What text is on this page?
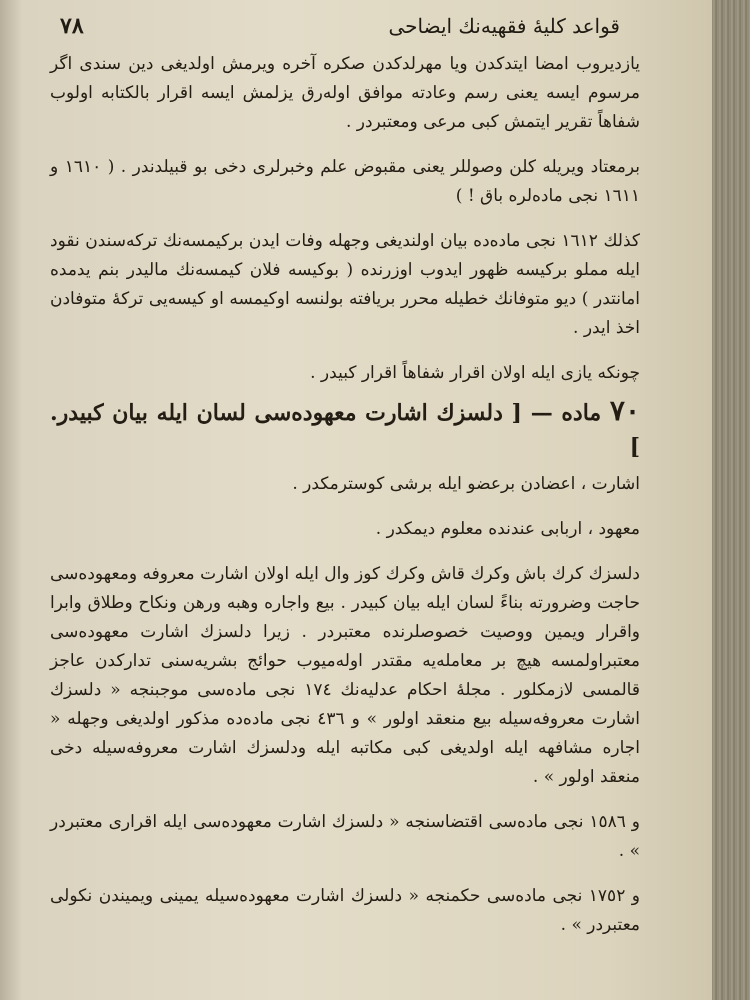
٧٨	قواعد كليهٔ فقهيه‌نك ايضاحى

يازديروب امضا ايتدكدن ويا مهرلدكدن صكره آخره ويرمش اولديغى دين سندى اگر مرسوم ايسه يعنى رسم وعادته موافق اوله‌رق يزلمش ايسه اقرار بالكتابه اولوب شفاهاً تقرير ايتمش كبى مرعى ومعتبردر .

برمعتاد ويريله كلن وصوللر يعنى مقبوض علم وخبرلرى دخى بو قبيلدندر . ( ١٦١٠ و ١٦١١ نجى ماده‌لره باق ! )

كذلك ١٦١٢ نجى ماده‌ده بيان اولنديغى وجهله وفات ايدن بركيمسه‌نك تركه‌سندن نقود ايله مملو بركيسه ظهور ايدوب اوزرنده ( بوكيسه فلان كيمسه‌نك ماليدر بنم يدمده امانتدر ) ديو متوفانك خطيله محرر بريافته بولنسه اوكيمسه او كيسه‌يى تركهٔ متوفادن اخذ ايدر .

چونكه يازى ايله اولان اقرار شفاهاً اقرار كبيدر .

٧٠ ماده — [ دلسزك اشارت معهوده‌سى لسان ايله بيان كبيدر. ]

اشارت ، اعضادن برعضو ايله برشى كوسترمكدر .

معهود ، اربابى عندنده معلوم ديمكدر .

دلسزك كرك باش وكرك قاش وكرك كوز وال ايله اولان اشارت معروفه ومعهوده‌سى حاجت وضرورته بناءً لسان ايله بيان كبيدر . بيع واجاره وهبه ورهن ونكاح وطلاق وابرا واقرار ويمين ووصيت خصوصلرنده معتبردر . زيرا دلسزك اشارت معهوده‌سى معتبراولمسه هيچ بر معامله‌يه مقتدر اوله‌ميوب حوائج بشريه‌سنى تداركدن عاجز قالمسى لازمكلور . مجلهٔ احكام عدليه‌نك ١٧٤ نجى ماده‌سى موجبنجه « دلسزك اشارت معروفه‌سيله بيع منعقد اولور » و ٤٣٦ نجى ماده‌ده مذكور اولديغى وجهله « اجاره مشافهه ايله اولديغى كبى مكاتبه ايله ودلسزك اشارت معروفه‌سيله دخى منعقد اولور » .

و ١٥٨٦ نجى ماده‌سى اقتضاسنجه « دلسزك اشارت معهوده‌سى ايله اقرارى معتبردر » .

و ١٧٥٢ نجى ماده‌سى حكمنجه « دلسزك اشارت معهوده‌سيله يمينى ويميندن نكولى معتبردر » .
